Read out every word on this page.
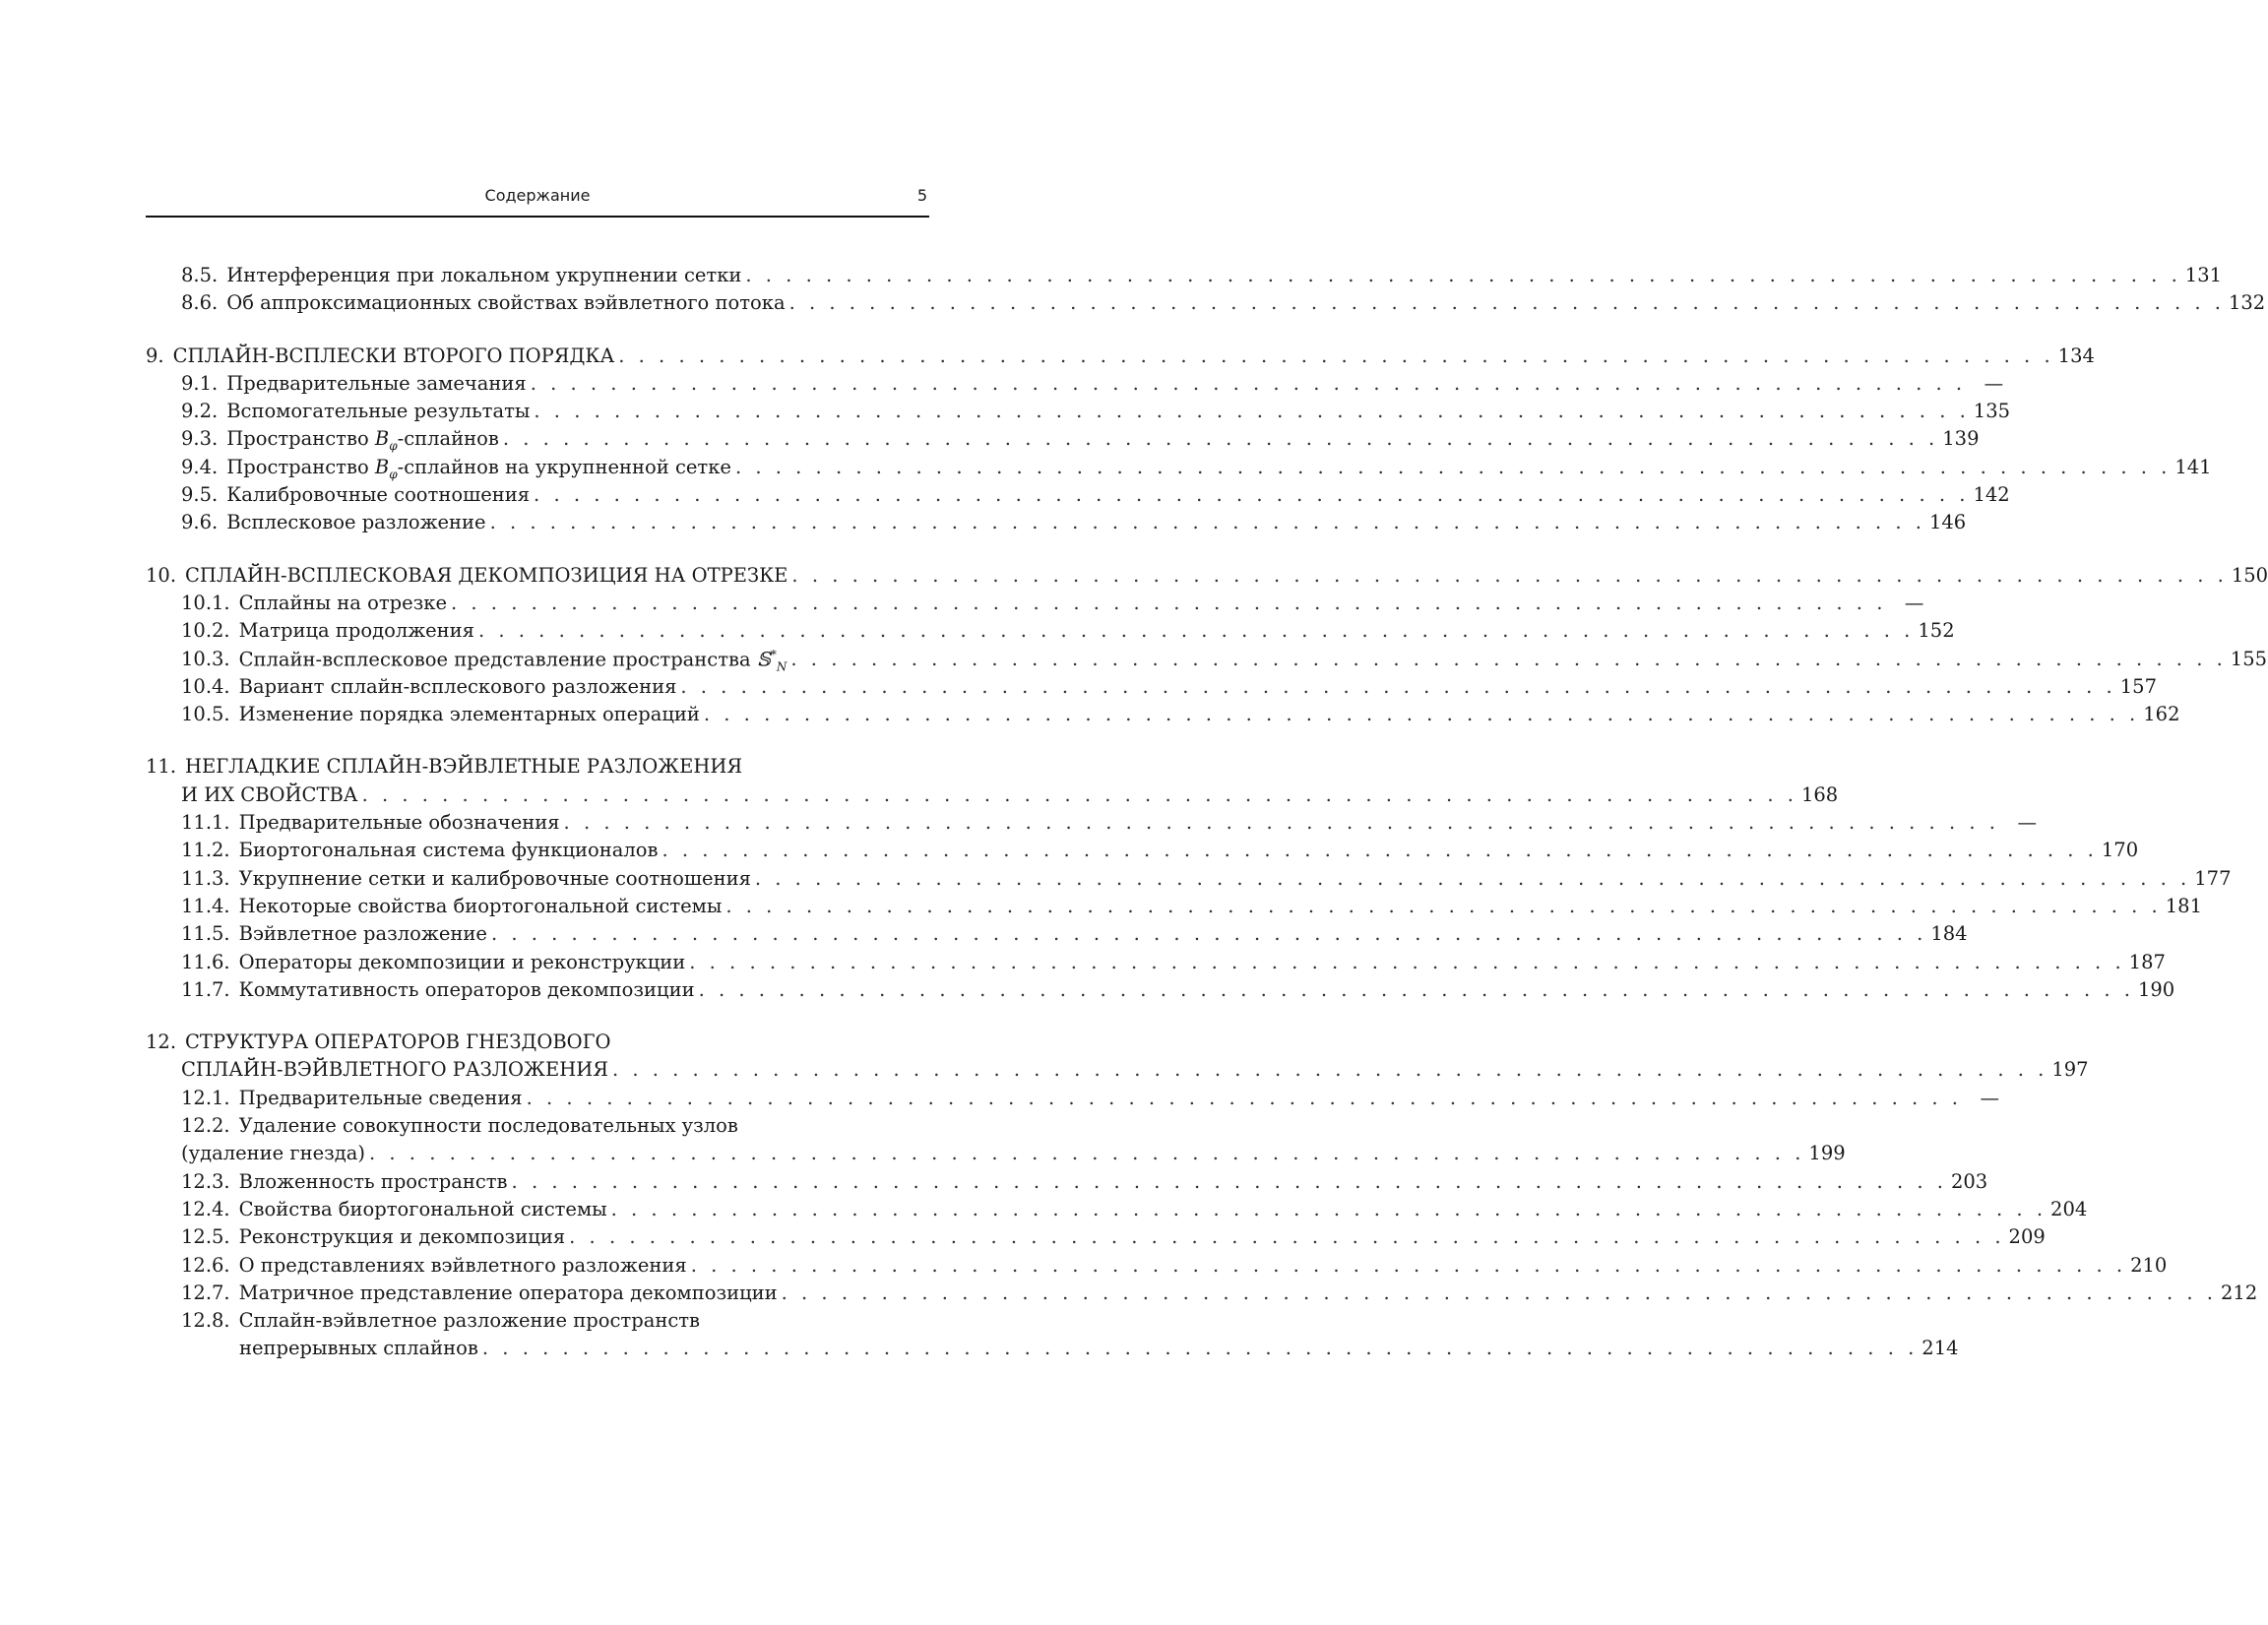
Содержание	5
8.5. Интерференция при локальном укрупнении сетки . . . . . . . . . . . . . . . . . . . . . . . . . . . . . . . . . . . . . . . . . . . . . . . . . . . . . . . . . . . . . . . . . . . . . . . . 131
8.6. Об аппроксимационных свойствах вэйвлетного потока . . . . . . . . . . . . . . . . . . . . . . . . . . . . . . . . . . . . . . . . . . . . . . . . . . . . . . . . . . . . . . . . . . . . . . . . 132
9. СПЛАЙН-ВСПЛЕСКИ ВТОРОГО ПОРЯДКА . . . . . . . . . . . . . . . . . . . . . . . . . . . . . . . . . . . . . . . . . . . . . . . . . . . . . . . . . . . . . . . . . . . . . . . . 134
9.1. Предварительные замечания . . . . . . . . . . . . . . . . . . . . . . . . . . . . . . . . . . . . . . . . . . . . . . . . . . . . . . . . . . . . . . . . . . . . . . . . —
9.2. Вспомогательные результаты . . . . . . . . . . . . . . . . . . . . . . . . . . . . . . . . . . . . . . . . . . . . . . . . . . . . . . . . . . . . . . . . . . . . . . . . 135
9.3. Пространство $B_\varphi$-сплайнов . . . . . . . . . . . . . . . . . . . . . . . . . . . . . . . . . . . . . . . . . . . . . . . . . . . . . . . . . . . . . . . . . . . . . . . . 139
9.4. Пространство $B_\varphi$-сплайнов на укрупненной сетке . . . . . . . . . . . . . . . . . . . . . . . . . . . . . . . . . . . . . . . . . . . . . . . . . . . . . . . . . . . . . . . . . . . . . . . . 141
9.5. Калибровочные соотношения . . . . . . . . . . . . . . . . . . . . . . . . . . . . . . . . . . . . . . . . . . . . . . . . . . . . . . . . . . . . . . . . . . . . . . . . 142
9.6. Всплесковое разложение . . . . . . . . . . . . . . . . . . . . . . . . . . . . . . . . . . . . . . . . . . . . . . . . . . . . . . . . . . . . . . . . . . . . . . . . 146
10. СПЛАЙН-ВСПЛЕСКОВАЯ ДЕКОМПОЗИЦИЯ НА ОТРЕЗКЕ . . . . . . . . . . . . . . . . . . . . . . . . . . . . . . . . . . . . . . . . . . . . . . . . . . . . . . . . . . . . . . . . . . . . . . . . 150
10.1. Сплайны на отрезке . . . . . . . . . . . . . . . . . . . . . . . . . . . . . . . . . . . . . . . . . . . . . . . . . . . . . . . . . . . . . . . . . . . . . . . . —
10.2. Матрица продолжения . . . . . . . . . . . . . . . . . . . . . . . . . . . . . . . . . . . . . . . . . . . . . . . . . . . . . . . . . . . . . . . . . . . . . . . . 152
10.3. Сплайн-всплесковое представление пространства 𝕊*$_N$ . . . . . . . . . . . . . . . . . . . . . . . . . . . . . . . . . . . . . . . . . . . . . . . . . . . . . . . . . . . . . . . . . . . . . . . . 155
10.4. Вариант сплайн-всплескового разложения . . . . . . . . . . . . . . . . . . . . . . . . . . . . . . . . . . . . . . . . . . . . . . . . . . . . . . . . . . . . . . . . . . . . . . . . 157
10.5. Изменение порядка элементарных операций . . . . . . . . . . . . . . . . . . . . . . . . . . . . . . . . . . . . . . . . . . . . . . . . . . . . . . . . . . . . . . . . . . . . . . . . 162
11. НЕГЛАДКИЕ СПЛАЙН-ВЭЙВЛЕТНЫЕ РАЗЛОЖЕНИЯ
И ИХ СВОЙСТВА . . . . . . . . . . . . . . . . . . . . . . . . . . . . . . . . . . . . . . . . . . . . . . . . . . . . . . . . . . . . . . . . . . . . . . . . 168
11.1. Предварительные обозначения . . . . . . . . . . . . . . . . . . . . . . . . . . . . . . . . . . . . . . . . . . . . . . . . . . . . . . . . . . . . . . . . . . . . . . . . —
11.2. Биортогональная система функционалов . . . . . . . . . . . . . . . . . . . . . . . . . . . . . . . . . . . . . . . . . . . . . . . . . . . . . . . . . . . . . . . . . . . . . . . . 170
11.3. Укрупнение сетки и калибровочные соотношения . . . . . . . . . . . . . . . . . . . . . . . . . . . . . . . . . . . . . . . . . . . . . . . . . . . . . . . . . . . . . . . . . . . . . . . . 177
11.4. Некоторые свойства биортогональной системы . . . . . . . . . . . . . . . . . . . . . . . . . . . . . . . . . . . . . . . . . . . . . . . . . . . . . . . . . . . . . . . . . . . . . . . . 181
11.5. Вэйвлетное разложение . . . . . . . . . . . . . . . . . . . . . . . . . . . . . . . . . . . . . . . . . . . . . . . . . . . . . . . . . . . . . . . . . . . . . . . . 184
11.6. Операторы декомпозиции и реконструкции . . . . . . . . . . . . . . . . . . . . . . . . . . . . . . . . . . . . . . . . . . . . . . . . . . . . . . . . . . . . . . . . . . . . . . . . 187
11.7. Коммутативность операторов декомпозиции . . . . . . . . . . . . . . . . . . . . . . . . . . . . . . . . . . . . . . . . . . . . . . . . . . . . . . . . . . . . . . . . . . . . . . . . 190
12. СТРУКТУРА ОПЕРАТОРОВ ГНЕЗДОВОГО
СПЛАЙН-ВЭЙВЛЕТНОГО РАЗЛОЖЕНИЯ . . . . . . . . . . . . . . . . . . . . . . . . . . . . . . . . . . . . . . . . . . . . . . . . . . . . . . . . . . . . . . . . . . . . . . . . 197
12.1. Предварительные сведения . . . . . . . . . . . . . . . . . . . . . . . . . . . . . . . . . . . . . . . . . . . . . . . . . . . . . . . . . . . . . . . . . . . . . . . . —
12.2. Удаление совокупности последовательных узлов
(удаление гнезда) . . . . . . . . . . . . . . . . . . . . . . . . . . . . . . . . . . . . . . . . . . . . . . . . . . . . . . . . . . . . . . . . . . . . . . . . 199
12.3. Вложенность пространств . . . . . . . . . . . . . . . . . . . . . . . . . . . . . . . . . . . . . . . . . . . . . . . . . . . . . . . . . . . . . . . . . . . . . . . . 203
12.4. Свойства биортогональной системы . . . . . . . . . . . . . . . . . . . . . . . . . . . . . . . . . . . . . . . . . . . . . . . . . . . . . . . . . . . . . . . . . . . . . . . . 204
12.5. Реконструкция и декомпозиция . . . . . . . . . . . . . . . . . . . . . . . . . . . . . . . . . . . . . . . . . . . . . . . . . . . . . . . . . . . . . . . . . . . . . . . . 209
12.6. О представлениях вэйвлетного разложения . . . . . . . . . . . . . . . . . . . . . . . . . . . . . . . . . . . . . . . . . . . . . . . . . . . . . . . . . . . . . . . . . . . . . . . . 210
12.7. Матричное представление оператора декомпозиции . . . . . . . . . . . . . . . . . . . . . . . . . . . . . . . . . . . . . . . . . . . . . . . . . . . . . . . . . . . . . . . . . . . . . . . . 212
12.8. Сплайн-вэйвлетное разложение пространств
непрерывных сплайнов . . . . . . . . . . . . . . . . . . . . . . . . . . . . . . . . . . . . . . . . . . . . . . . . . . . . . . . . . . . . . . . . . . . . . . . . 214
